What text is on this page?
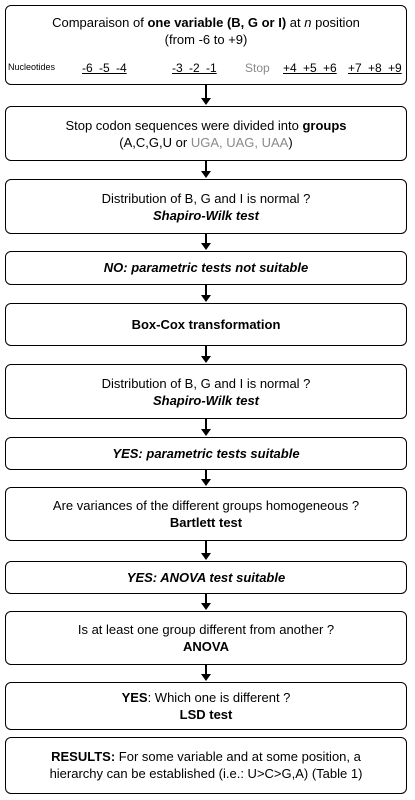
Comparaison of one variable (B, G or I) at n position
(from -6 to +9)
Nucleotides -6 -5 -4	-3 -2 -1 Stop +4 +5 +6 +7 +8 +9
Stop codon sequences were divided into groups
(A,C,G,U or UGA, UAG, UAA)
Distribution of B, G and I is normal ?
Shapiro-Wilk test
NO: parametric tests not suitable
Box-Cox transformation
Distribution of B, G and I is normal ?
Shapiro-Wilk test
YES: parametric tests suitable
Are variances of the different groups homogeneous ?
Bartlett test
YES: ANOVA test suitable
Is at least one group different from another ?
ANOVA
YES: Which one is different ?
LSD test
RESULTS: For some variable and at some position, a
hierarchy can be established (i.e.: U>C>G,A) (Table 1)
